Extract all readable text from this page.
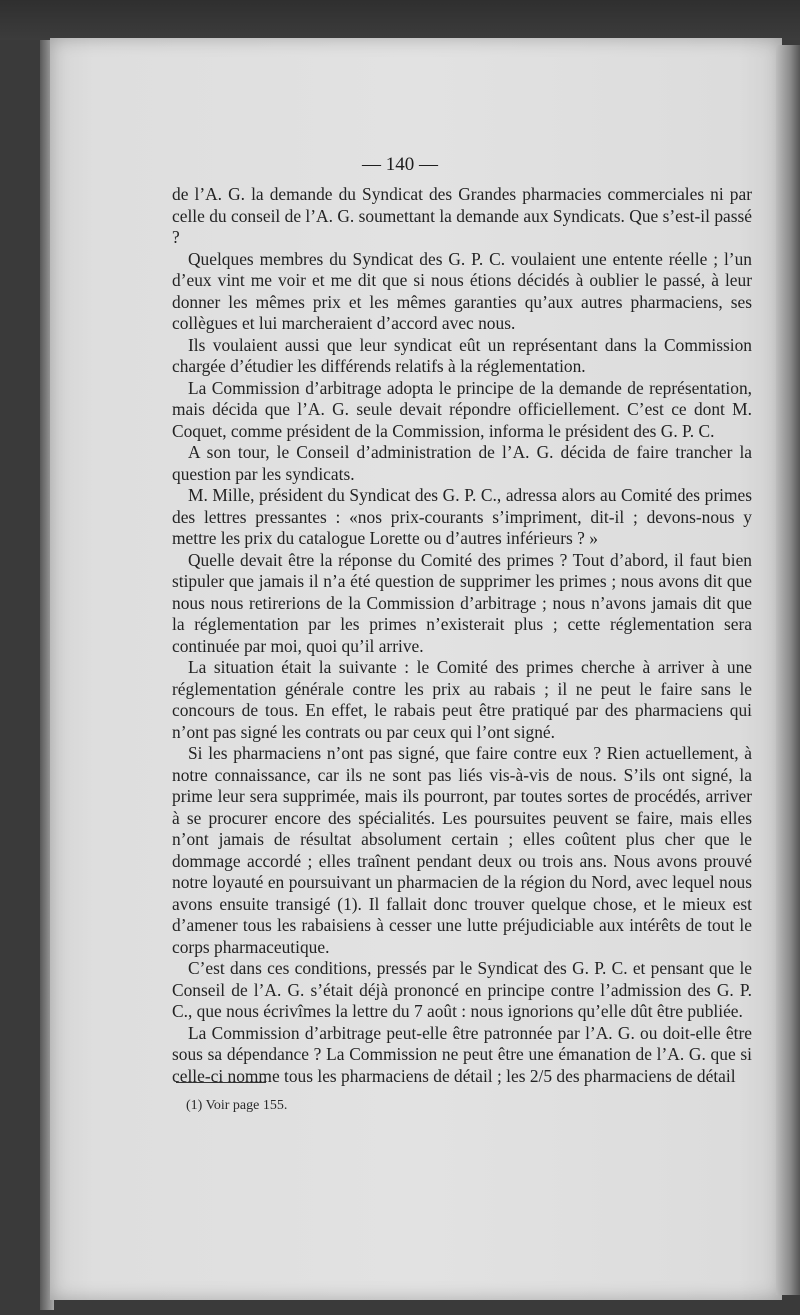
— 140 —

de l’A. G. la demande du Syndicat des Grandes pharmacies commerciales ni par celle du conseil de l’A. G. soumettant la demande aux Syndicats. Que s’est-il passé ?

Quelques membres du Syndicat des G. P. C. voulaient une entente réelle ; l’un d’eux vint me voir et me dit que si nous étions décidés à oublier le passé, à leur donner les mêmes prix et les mêmes garanties qu’aux autres pharmaciens, ses collègues et lui marcheraient d’accord avec nous.

Ils voulaient aussi que leur syndicat eût un représentant dans la Commission chargée d’étudier les différends relatifs à la réglementation.

La Commission d’arbitrage adopta le principe de la demande de représentation, mais décida que l’A. G. seule devait répondre officiellement. C’est ce dont M. Coquet, comme président de la Commission, informa le président des G. P. C.

A son tour, le Conseil d’administration de l’A. G. décida de faire trancher la question par les syndicats.

M. Mille, président du Syndicat des G. P. C., adressa alors au Comité des primes des lettres pressantes : «nos prix-courants s’impriment, dit-il ; devons-nous y mettre les prix du catalogue Lorette ou d’autres inférieurs ? »

Quelle devait être la réponse du Comité des primes ? Tout d’abord, il faut bien stipuler que jamais il n’a été question de supprimer les primes ; nous avons dit que nous nous retirerions de la Commission d’arbitrage ; nous n’avons jamais dit que la réglementation par les primes n’existerait plus ; cette réglementation sera continuée par moi, quoi qu’il arrive.

La situation était la suivante : le Comité des primes cherche à arriver à une réglementation générale contre les prix au rabais ; il ne peut le faire sans le concours de tous. En effet, le rabais peut être pratiqué par des pharmaciens qui n’ont pas signé les contrats ou par ceux qui l’ont signé.

Si les pharmaciens n’ont pas signé, que faire contre eux ? Rien actuellement, à notre connaissance, car ils ne sont pas liés vis-à-vis de nous. S’ils ont signé, la prime leur sera supprimée, mais ils pourront, par toutes sortes de procédés, arriver à se procurer encore des spécialités. Les poursuites peuvent se faire, mais elles n’ont jamais de résultat absolument certain ; elles coûtent plus cher que le dommage accordé ; elles traînent pendant deux ou trois ans. Nous avons prouvé notre loyauté en poursuivant un pharmacien de la région du Nord, avec lequel nous avons ensuite transigé (1). Il fallait donc trouver quelque chose, et le mieux est d’amener tous les rabaisiens à cesser une lutte préjudiciable aux intérêts de tout le corps pharmaceutique.

C’est dans ces conditions, pressés par le Syndicat des G. P. C. et pensant que le Conseil de l’A. G. s’était déjà prononcé en principe contre l’admission des G. P. C., que nous écrivîmes la lettre du 7 août : nous ignorions qu’elle dût être publiée.

La Commission d’arbitrage peut-elle être patronnée par l’A. G. ou doit-elle être sous sa dépendance ? La Commission ne peut être une émanation de l’A. G. que si celle-ci nomme tous les pharmaciens de détail ; les 2/5 des pharmaciens de détail

(1) Voir page 155.
